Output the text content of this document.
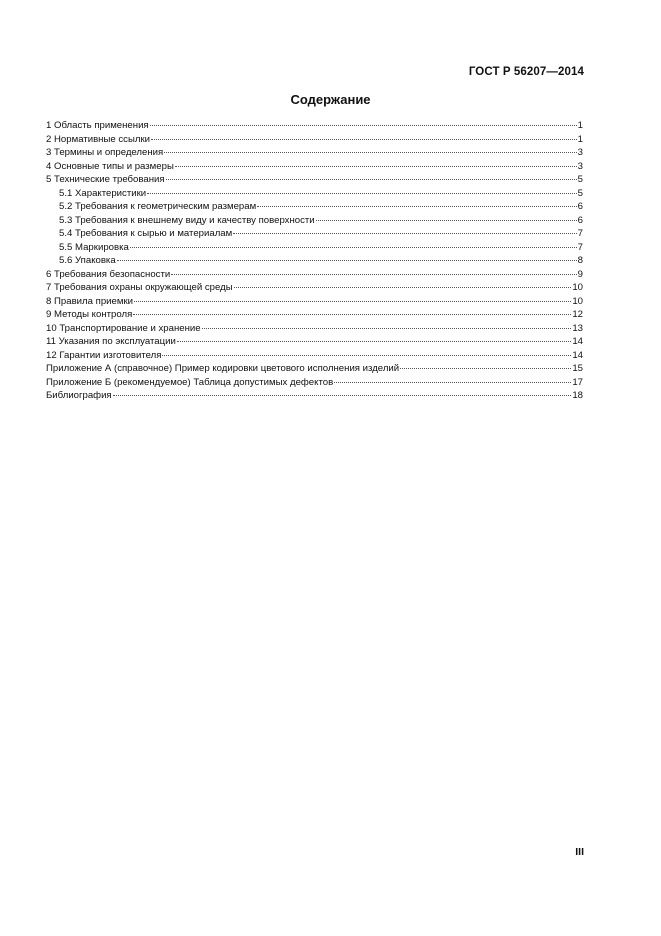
ГОСТ Р 56207—2014
Содержание
1 Область применения	1
2 Нормативные ссылки	1
3 Термины и определения	3
4 Основные типы и размеры	3
5 Технические требования	5
5.1 Характеристики	5
5.2 Требования к геометрическим размерам	6
5.3 Требования к внешнему виду и качеству поверхности	6
5.4 Требования к сырью и материалам	7
5.5 Маркировка	7
5.6 Упаковка	8
6 Требования безопасности	9
7 Требования охраны окружающей среды	10
8 Правила приемки	10
9 Методы контроля	12
10 Транспортирование и хранение	13
11 Указания по эксплуатации	14
12 Гарантии изготовителя	14
Приложение А (справочное) Пример кодировки цветового исполнения изделий	15
Приложение Б (рекомендуемое) Таблица допустимых дефектов	17
Библиография	18
III
